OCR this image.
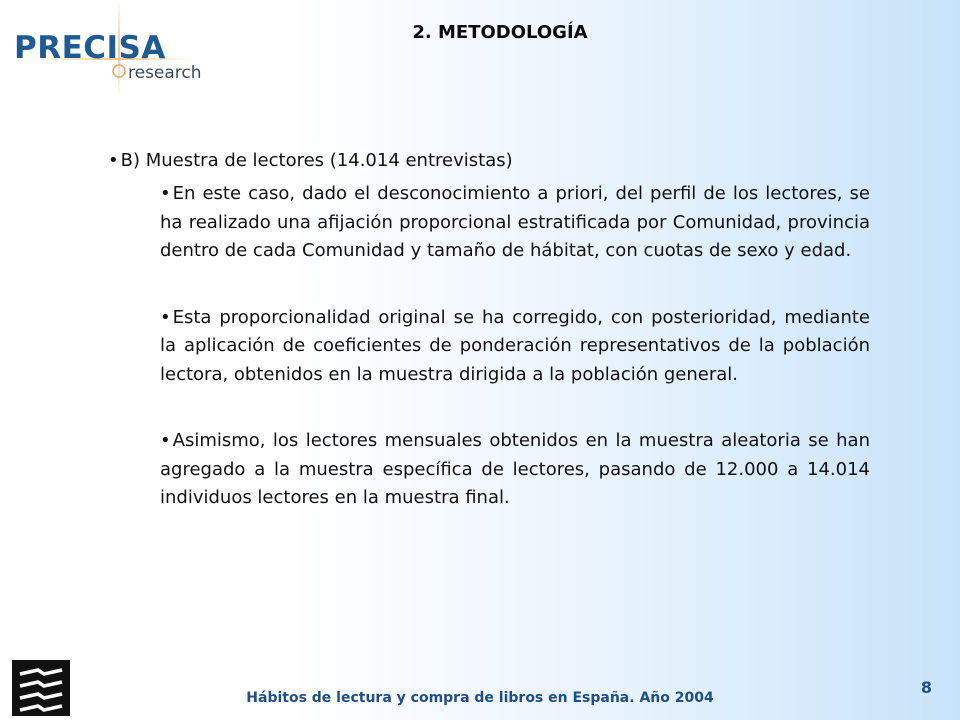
PRECISA
research
2. METODOLOGÍA
• B) Muestra de lectores (14.014 entrevistas)

• En este caso, dado el desconocimiento a priori, del perfil de los lectores, se ha realizado una afijación proporcional estratificada por Comunidad, provincia dentro de cada Comunidad y tamaño de hábitat, con cuotas de sexo y edad.

• Esta proporcionalidad original se ha corregido, con posterioridad, mediante la aplicación de coeficientes de ponderación representativos de la población lectora, obtenidos en la muestra dirigida a la población general.

• Asimismo, los lectores mensuales obtenidos en la muestra aleatoria se han agregado a la muestra específica de lectores, pasando de 12.000 a 14.014 individuos lectores en la muestra final.

Hábitos de lectura y compra de libros en España. Año 2004
8
